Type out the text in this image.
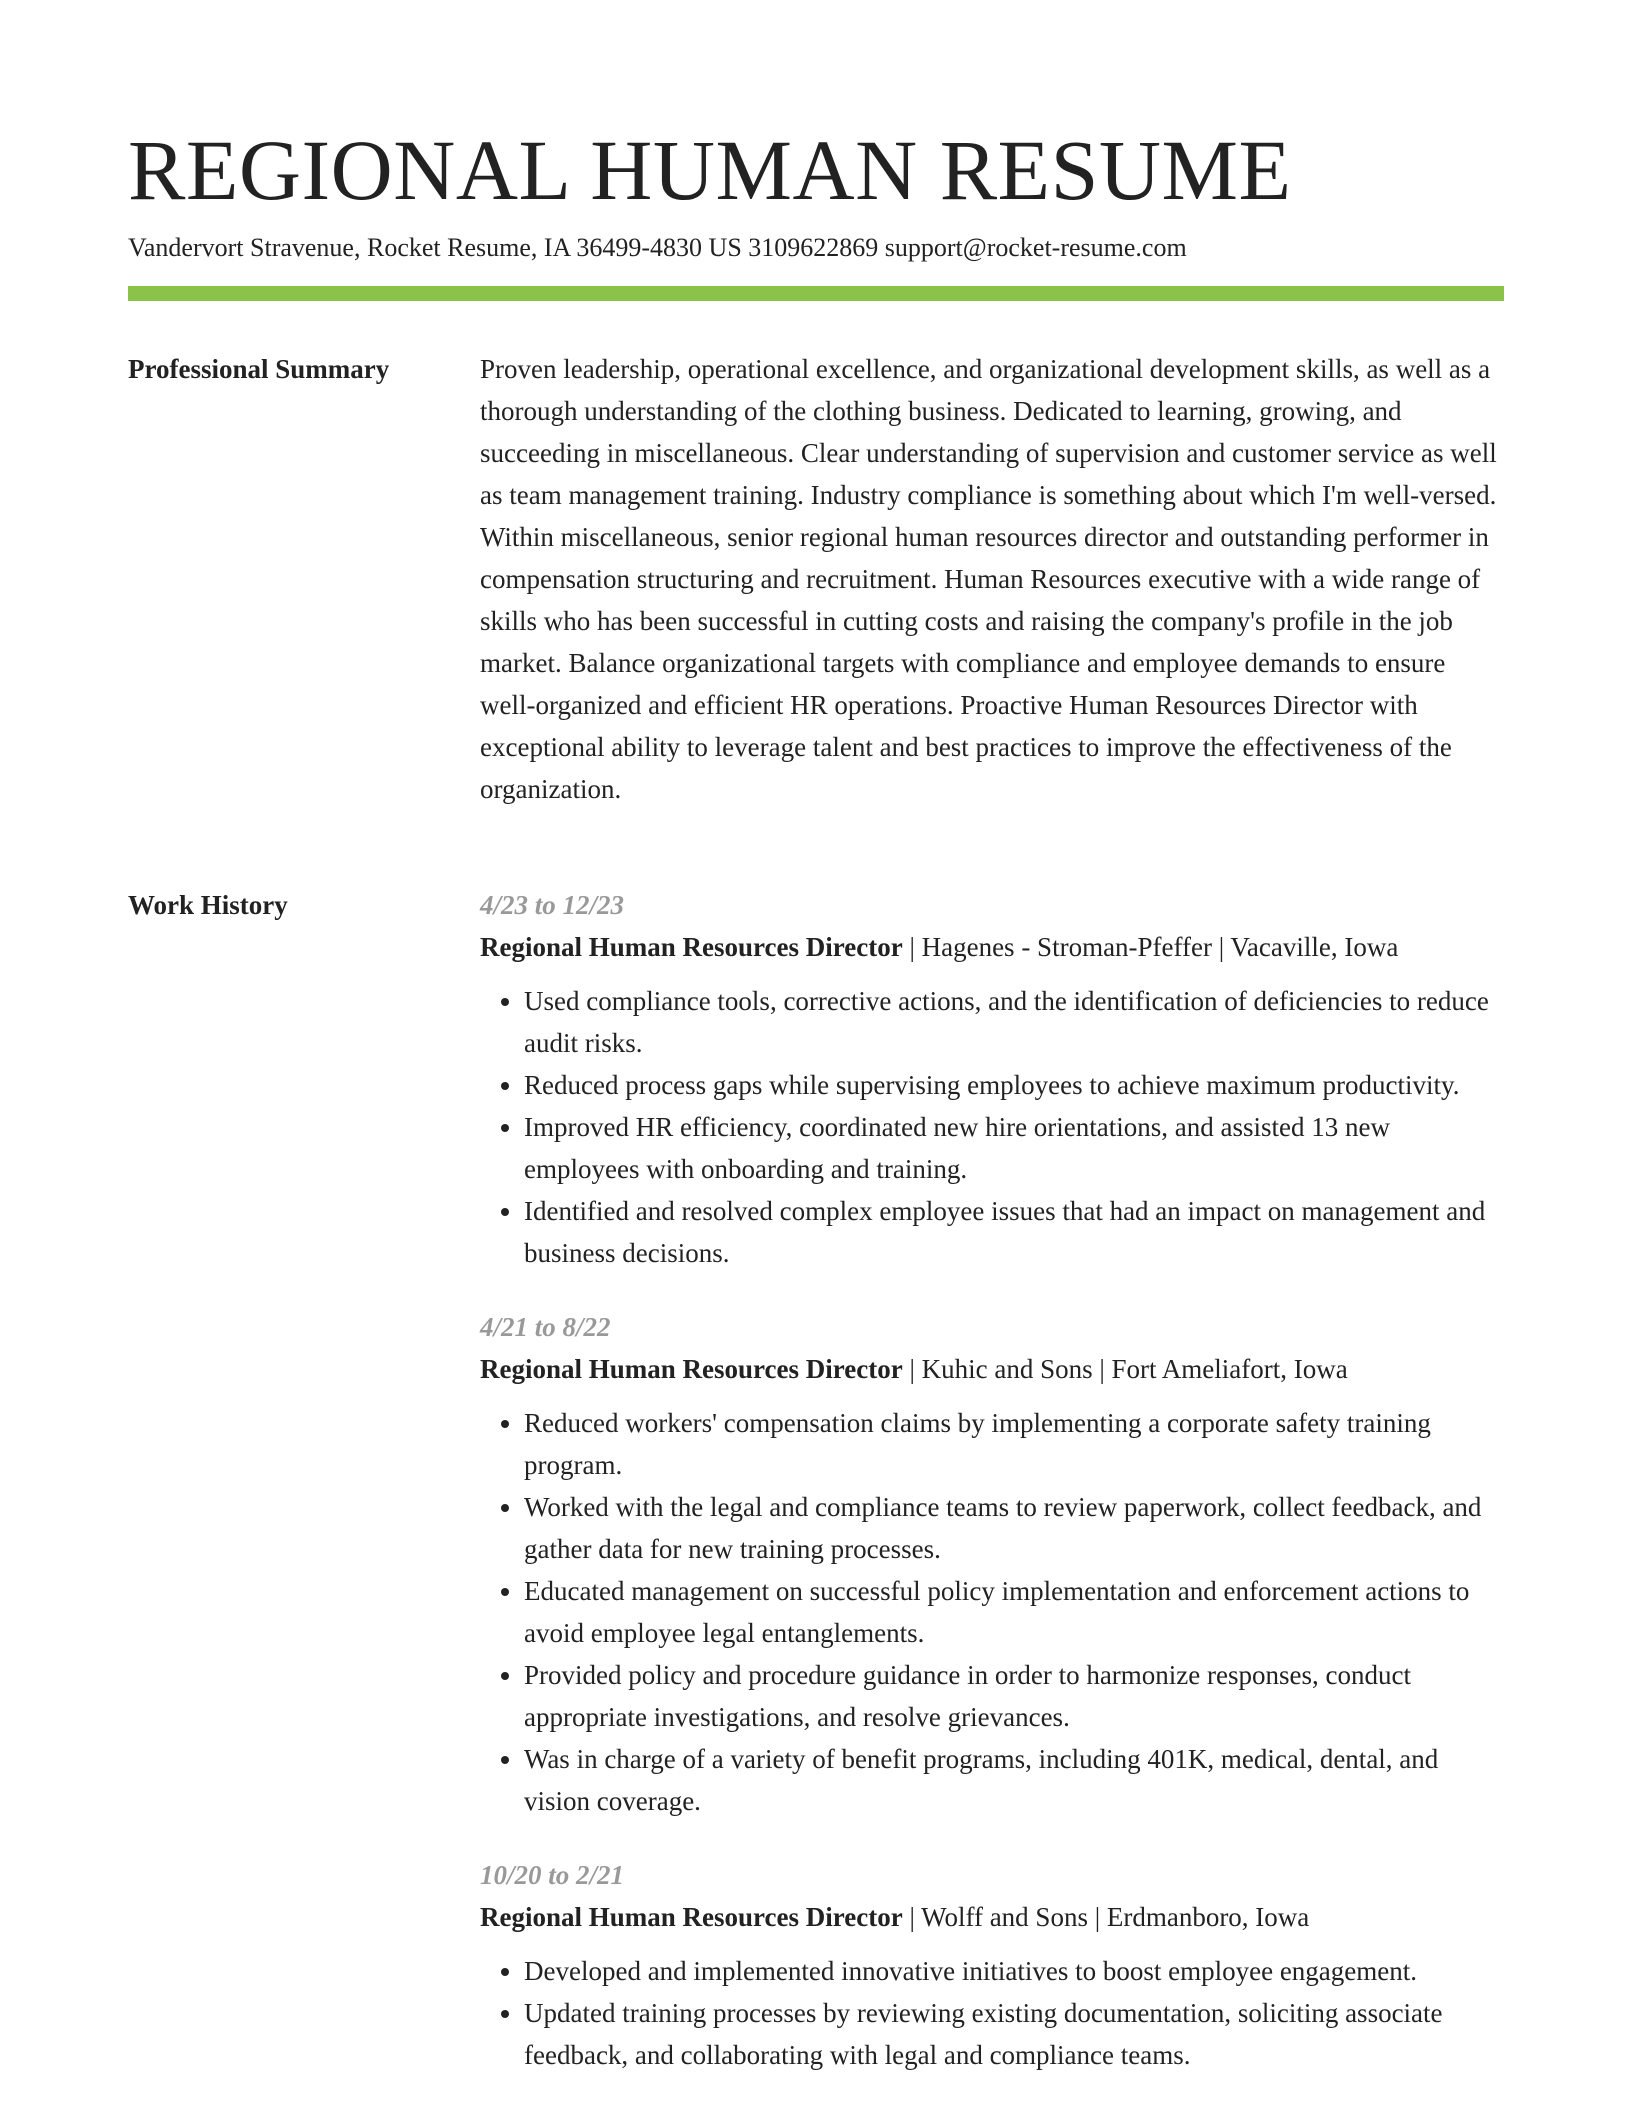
REGIONAL HUMAN RESUME
Vandervort Stravenue, Rocket Resume, IA 36499-4830 US 3109622869 support@rocket-resume.com
Professional Summary	Proven leadership, operational excellence, and organizational development skills, as well as a thorough understanding of the clothing business. Dedicated to learning, growing, and succeeding in miscellaneous. Clear understanding of supervision and customer service as well as team management training. Industry compliance is something about which I'm well-versed. Within miscellaneous, senior regional human resources director and outstanding performer in compensation structuring and recruitment. Human Resources executive with a wide range of skills who has been successful in cutting costs and raising the company's profile in the job market. Balance organizational targets with compliance and employee demands to ensure well-organized and efficient HR operations. Proactive Human Resources Director with exceptional ability to leverage talent and best practices to improve the effectiveness of the organization.

Work History	4/23 to 12/23

Regional Human Resources Director | Hagenes - Stroman-Pfeffer | Vacaville, Iowa

• Used compliance tools, corrective actions, and the identification of deficiencies to reduce audit risks.
• Reduced process gaps while supervising employees to achieve maximum productivity.
• Improved HR efficiency, coordinated new hire orientations, and assisted 13 new employees with onboarding and training.
• Identified and resolved complex employee issues that had an impact on management and business decisions.

4/21 to 8/22

Regional Human Resources Director | Kuhic and Sons | Fort Ameliafort, Iowa

• Reduced workers' compensation claims by implementing a corporate safety training program.
• Worked with the legal and compliance teams to review paperwork, collect feedback, and gather data for new training processes.
• Educated management on successful policy implementation and enforcement actions to avoid employee legal entanglements.
• Provided policy and procedure guidance in order to harmonize responses, conduct appropriate investigations, and resolve grievances.
• Was in charge of a variety of benefit programs, including 401K, medical, dental, and vision coverage.

10/20 to 2/21

Regional Human Resources Director | Wolff and Sons | Erdmanboro, Iowa

• Developed and implemented innovative initiatives to boost employee engagement.
• Updated training processes by reviewing existing documentation, soliciting associate feedback, and collaborating with legal and compliance teams.
